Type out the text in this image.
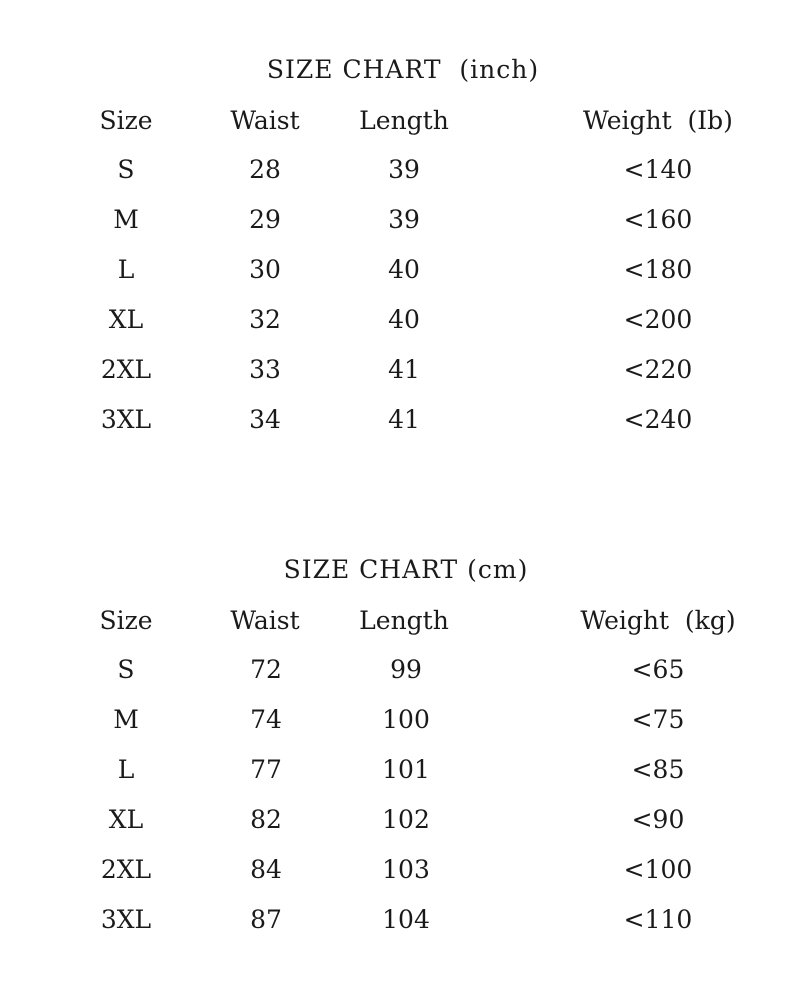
SIZE CHART  (inch)
Size	Waist	Length	Weight  (Ib)
S	28	39	<140
M	29	39	<160
L	30	40	<180
XL	32	40	<200
2XL	33	41	<220
3XL	34	41	<240
SIZE CHART (cm)
Size	Waist	Length	Weight  (kg)
S	72	99	<65
M	74	100	<75
L	77	101	<85
XL	82	102	<90
2XL	84	103	<100
3XL	87	104	<110
